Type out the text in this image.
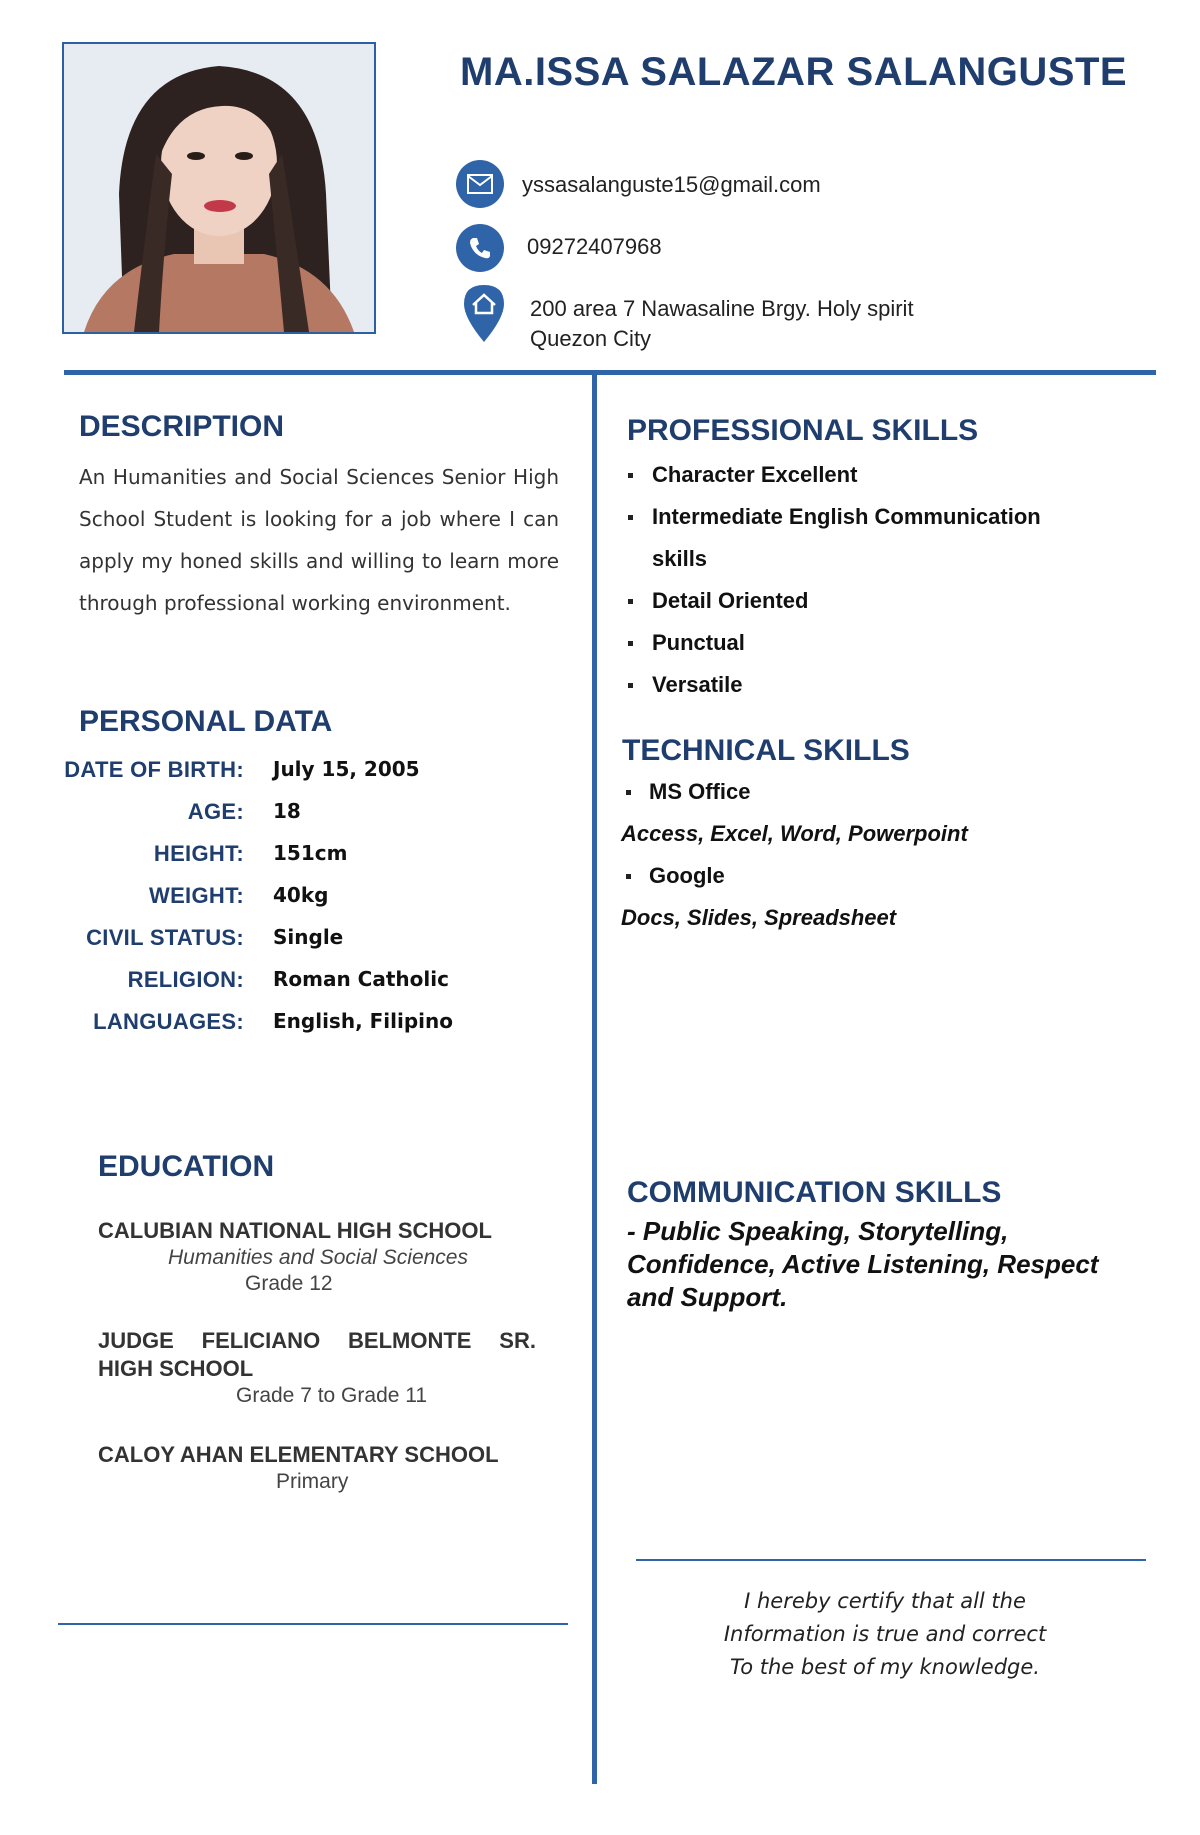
MA.ISSA SALAZAR SALANGUSTE
yssasalanguste15@gmail.com
09272407968
200 area 7 Nawasaline Brgy. Holy spirit
Quezon City
DESCRIPTION
An Humanities and Social Sciences Senior High School Student is looking for a job where I can apply my honed skills and willing to learn more through professional working environment.
PERSONAL DATA
DATE OF BIRTH: July 15, 2005
AGE: 18
HEIGHT: 151cm
WEIGHT: 40kg
CIVIL STATUS: Single
RELIGION: Roman Catholic
LANGUAGES: English, Filipino
EDUCATION
CALUBIAN NATIONAL HIGH SCHOOL
Humanities and Social Sciences
Grade 12
JUDGE FELICIANO BELMONTE SR.
HIGH SCHOOL
Grade 7 to Grade 11
CALOY AHAN ELEMENTARY SCHOOL
Primary
PROFESSIONAL SKILLS
Character Excellent
Intermediate English Communication
skills
Detail Oriented
Punctual
Versatile
TECHNICAL SKILLS
MS Office
Access, Excel, Word, Powerpoint
Google
Docs, Slides, Spreadsheet
COMMUNICATION SKILLS
- Public Speaking, Storytelling, Confidence, Active Listening, Respect and Support.
I hereby certify that all the
Information is true and correct
To the best of my knowledge.
